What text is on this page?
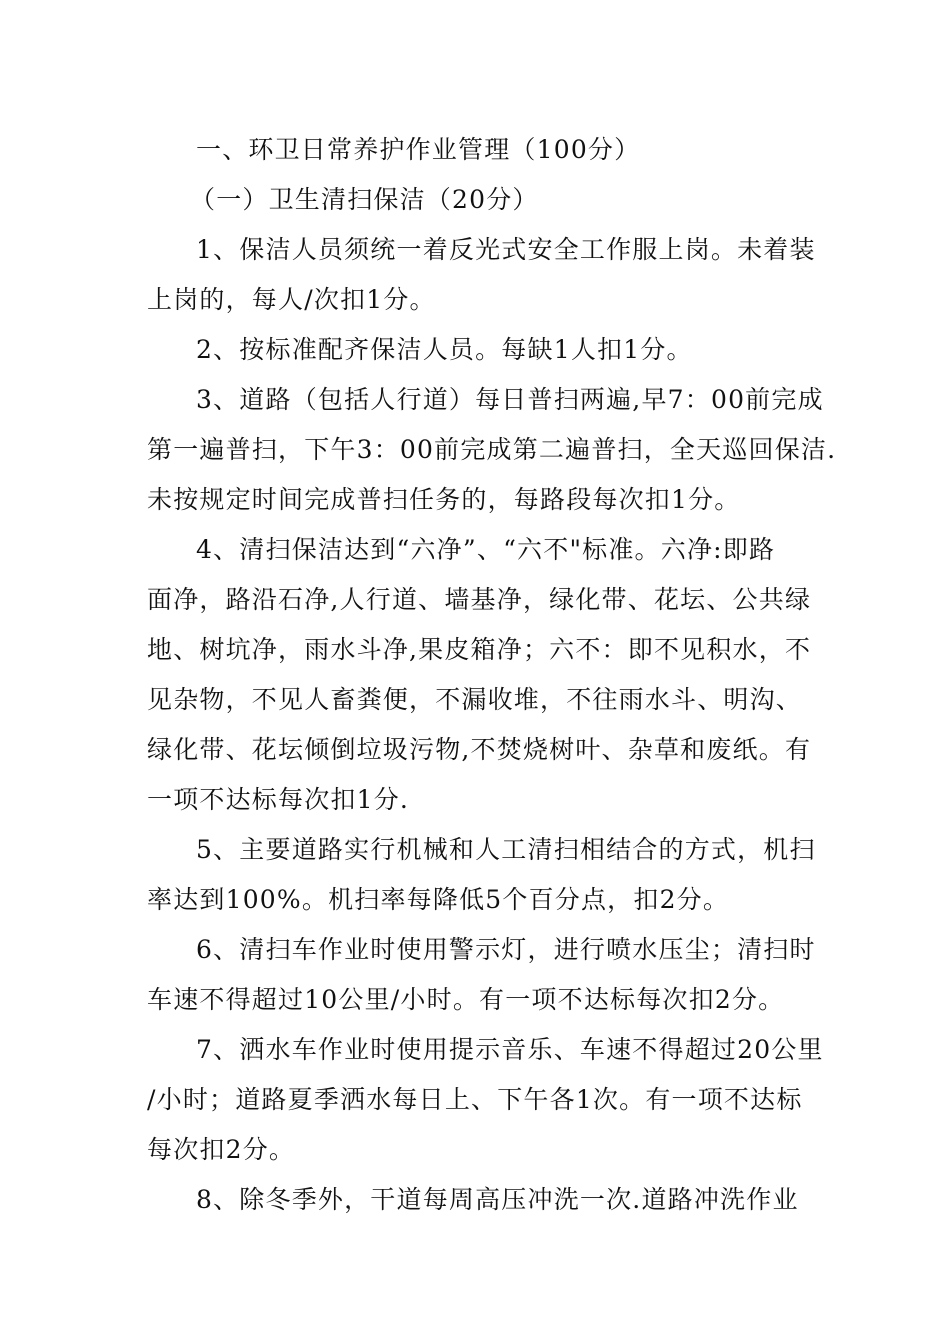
一、环卫日常养护作业管理（100分）
（一）卫生清扫保洁（20分）
1、保洁人员须统一着反光式安全工作服上岗。未着装
上岗的，每人/次扣1分。
2、按标准配齐保洁人员。每缺1人扣1分。
3、道路（包括人行道）每日普扫两遍,早7：00前完成
第一遍普扫，下午3：00前完成第二遍普扫，全天巡回保洁.
未按规定时间完成普扫任务的，每路段每次扣1分。
4、清扫保洁达到“六净”、“六不"标准。六净:即路
面净，路沿石净,人行道、墙基净，绿化带、花坛、公共绿
地、树坑净，雨水斗净,果皮箱净；六不：即不见积水，不
见杂物，不见人畜粪便，不漏收堆，不往雨水斗、明沟、
绿化带、花坛倾倒垃圾污物,不焚烧树叶、杂草和废纸。有
一项不达标每次扣1分.
5、主要道路实行机械和人工清扫相结合的方式，机扫
率达到100%。机扫率每降低5个百分点，扣2分。
6、清扫车作业时使用警示灯，进行喷水压尘；清扫时
车速不得超过10公里/小时。有一项不达标每次扣2分。
7、洒水车作业时使用提示音乐、车速不得超过20公里
/小时；道路夏季洒水每日上、下午各1次。有一项不达标
每次扣2分。
8、除冬季外，干道每周高压冲洗一次.道路冲洗作业
